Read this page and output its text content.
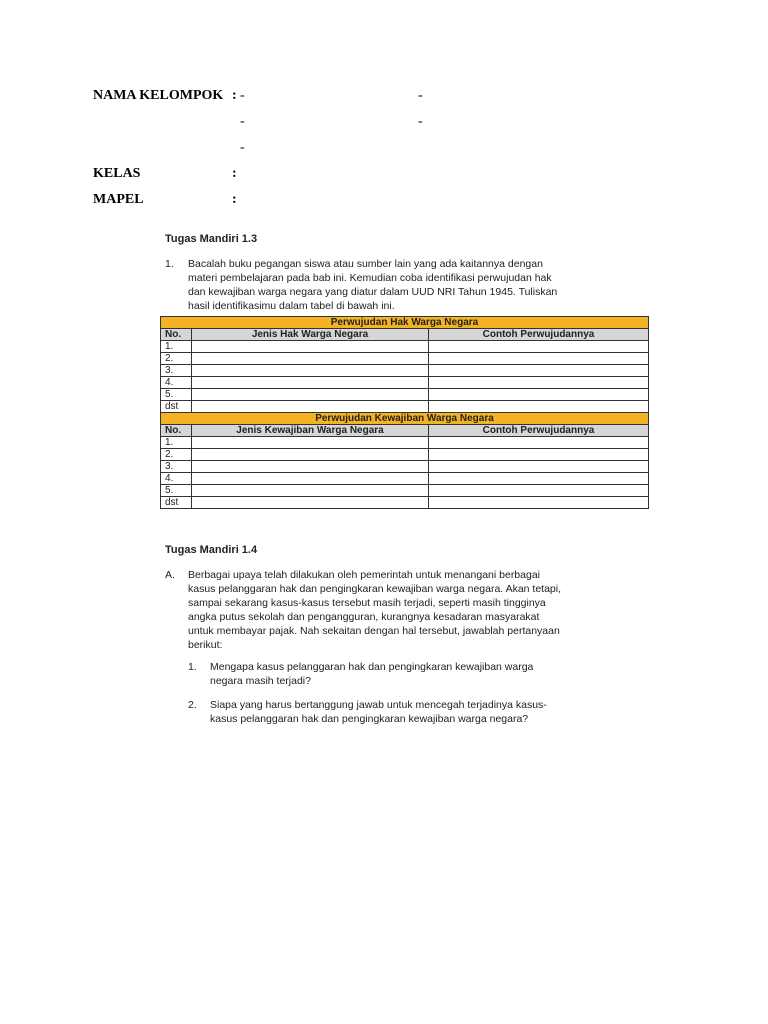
NAMA KELOMPOK : -	-
-	-
-
KELAS	:
MAPEL	:
Tugas Mandiri 1.3
1. Bacalah buku pegangan siswa atau sumber lain yang ada kaitannya dengan
materi pembelajaran pada bab ini. Kemudian coba identifikasi perwujudan hak
dan kewajiban warga negara yang diatur dalam UUD NRI Tahun 1945. Tuliskan
hasil identifikasimu dalam tabel di bawah ini.
Perwujudan Hak Warga Negara		
No.	Jenis Hak Warga Negara	Contoh Perwujudannya
1.		
2.		
3.		
4.		
5.		
dst		
Perwujudan Kewajiban Warga Negara		
No.	Jenis Kewajiban Warga Negara	Contoh Perwujudannya
1.		
2.		
3.		
4.		
5.		
dst		
Tugas Mandiri 1.4
A. Berbagai upaya telah dilakukan oleh pemerintah untuk menangani berbagai
kasus pelanggaran hak dan pengingkaran kewajiban warga negara. Akan tetapi,
sampai sekarang kasus-kasus tersebut masih terjadi, seperti masih tingginya
angka putus sekolah dan pengangguran, kurangnya kesadaran masyarakat
untuk membayar pajak. Nah sekaitan dengan hal tersebut, jawablah pertanyaan
berikut:
1. Mengapa kasus pelanggaran hak dan pengingkaran kewajiban warga
negara masih terjadi?
2. Siapa yang harus bertanggung jawab untuk mencegah terjadinya kasus-
kasus pelanggaran hak dan pengingkaran kewajiban warga negara?
